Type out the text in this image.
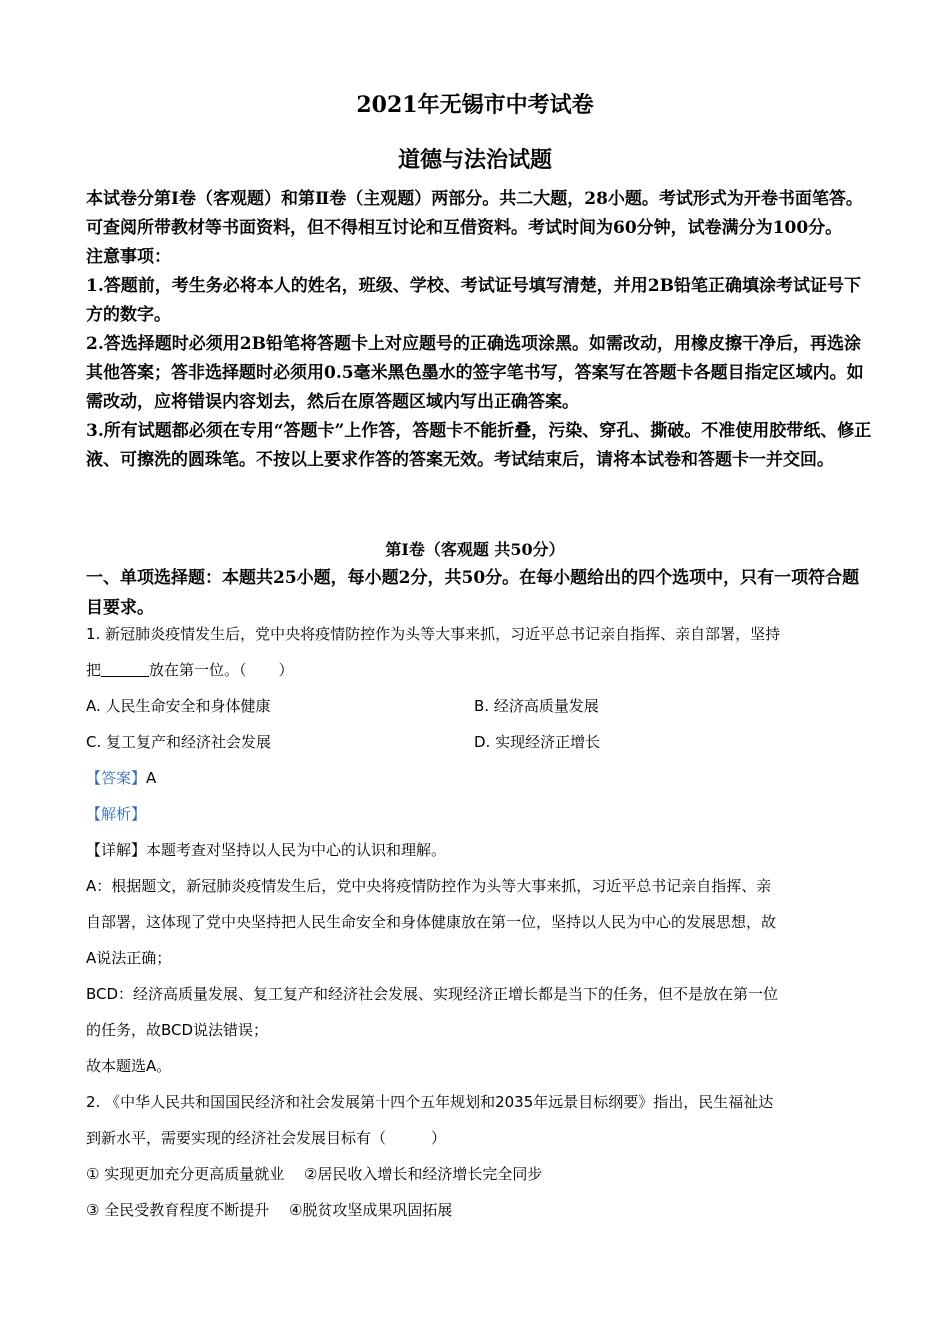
2021年无锡市中考试卷
道德与法治试题

本试卷分第Ⅰ卷（客观题）和第Ⅱ卷（主观题）两部分。共二大题，28小题。考试形式为开卷书面笔答。可查阅所带教材等书面资料，但不得相互讨论和互借资料。考试时间为60分钟，试卷满分为100分。

注意事项：

1.答题前，考生务必将本人的姓名，班级、学校、考试证号填写清楚，并用2B铅笔正确填涂考试证号下方的数字。

2.答选择题时必须用2B铅笔将答题卡上对应题号的正确选项涂黑。如需改动，用橡皮擦干净后，再选涂其他答案；答非选择题时必须用0.5毫米黑色墨水的签字笔书写，答案写在答题卡各题目指定区域内。如需改动，应将错误内容划去，然后在原答题区域内写出正确答案。

3.所有试题都必须在专用“答题卡”上作答，答题卡不能折叠，污染、穿孔、撕破。不准使用胶带纸、修正液、可擦洗的圆珠笔。不按以上要求作答的答案无效。考试结束后，请将本试卷和答题卡一并交回。

第Ⅰ卷（客观题 共50分）
一、单项选择题：本题共25小题，每小题2分，共50分。在每小题给出的四个选项中，只有一项符合题目要求。

1. 新冠肺炎疫情发生后，党中央将疫情防控作为头等大事来抓，习近平总书记亲自指挥、亲自部署，坚持

把	放在第一位。（ ）

A. 人民生命安全和身体健康	B. 经济高质量发展
C. 复工复产和经济社会发展	D. 实现经济正增长

【答案】A

【解析】

【详解】本题考查对坚持以人民为中心的认识和理解。

A：根据题文，新冠肺炎疫情发生后，党中央将疫情防控作为头等大事来抓，习近平总书记亲自指挥、亲

自部署，这体现了党中央坚持把人民生命安全和身体健康放在第一位，坚持以人民为中心的发展思想，故

A说法正确；

BCD：经济高质量发展、复工复产和经济社会发展、实现经济正增长都是当下的任务，但不是放在第一位

的任务，故BCD说法错误；

故本题选A。

2. 《中华人民共和国国民经济和社会发展第十四个五年规划和2035年远景目标纲要》指出，民生福祉达

到新水平，需要实现的经济社会发展目标有（　　　）

① 实现更加充分更高质量就业　 ②居民收入增长和经济增长完全同步

③ 全民受教育程度不断提升　 ④脱贫攻坚成果巩固拓展
